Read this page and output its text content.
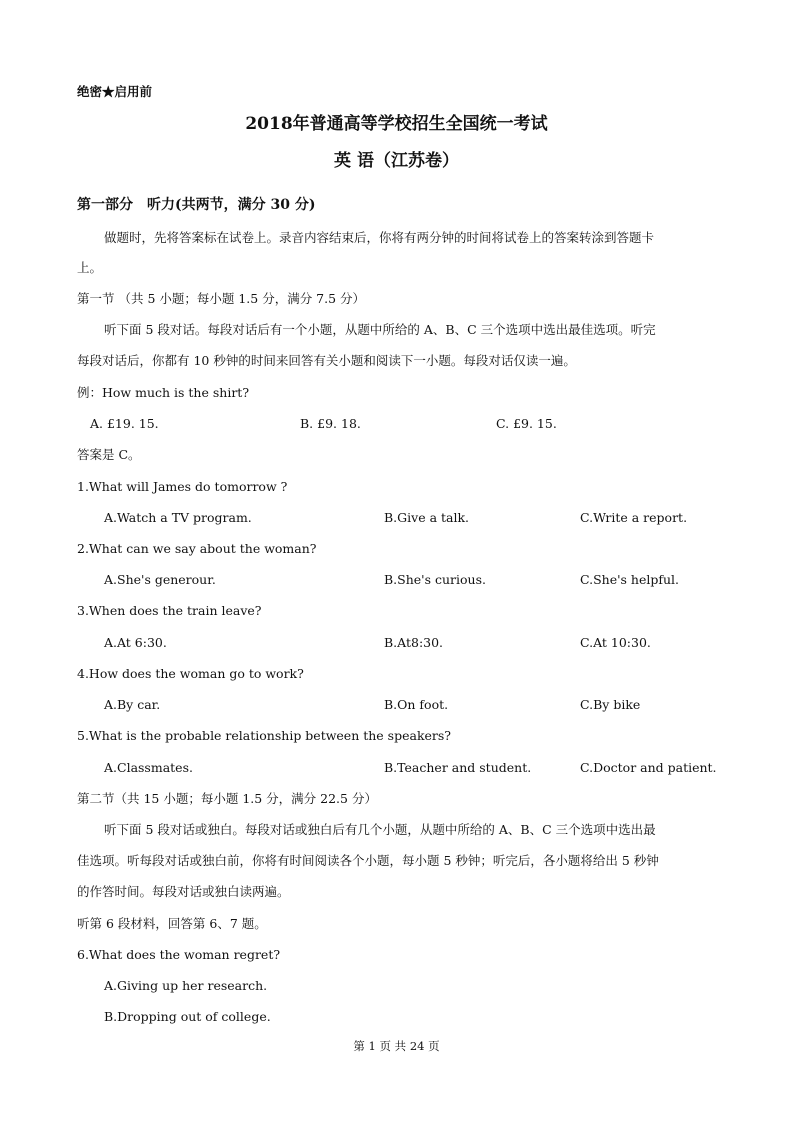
绝密★启用前
2018年普通高等学校招生全国统一考试
英 语（江苏卷）
第一部分　听力(共两节，满分 30 分)
做题时，先将答案标在试卷上。录音内容结束后，你将有两分钟的时间将试卷上的答案转涂到答题卡
上。
第一节 （共 5 小题；每小题 1.5 分，满分 7.5 分）
听下面 5 段对话。每段对话后有一个小题，从题中所给的 A、B、C 三个选项中选出最佳选项。听完
每段对话后，你都有 10 秒钟的时间来回答有关小题和阅读下一小题。每段对话仅读一遍。
例：How much is the shirt?
A. £19. 15.	B. £9. 18.	C. £9. 15.
答案是 C。
1.What will James do tomorrow ?
A.Watch a TV program.	B.Give a talk.	C.Write a report.
2.What can we say about the woman?
A.She's generour.	B.She's curious.	C.She's helpful.
3.When does the train leave?
A.At 6:30.	B.At8:30.	C.At 10:30.
4.How does the woman go to work?
A.By car.	B.On foot.	C.By bike
5.What is the probable relationship between the speakers?
A.Classmates.	B.Teacher and student.	C.Doctor and patient.
第二节（共 15 小题；每小题 1.5 分，满分 22.5 分）
听下面 5 段对话或独白。每段对话或独白后有几个小题，从题中所给的 A、B、C 三个选项中选出最
佳选项。听每段对话或独白前，你将有时间阅读各个小题，每小题 5 秒钟；听完后，各小题将给出 5 秒钟
的作答时间。每段对话或独白读两遍。
听第 6 段材料，回答第 6、7 题。
6.What does the woman regret?
A.Giving up her research.
B.Dropping out of college.
第 1 页 共 24 页
